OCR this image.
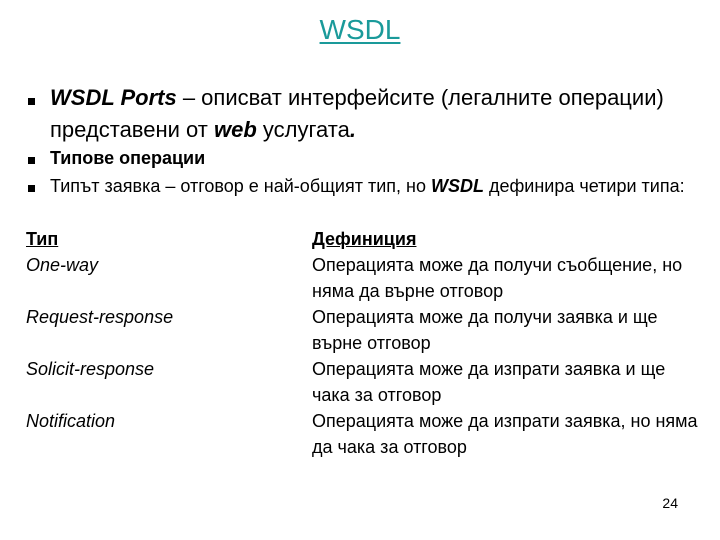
WSDL
WSDL Ports – описват интерфейсите (легалните операции) представени от web услугата.
Типове операции
Типът заявка – отговор е най-общият тип, но WSDL дефинира четири типа:
Тип	Дефиниция
One-way	Операцията може да получи съобщение, но няма да върне отговор
Request-response	Операцията може да получи заявка и ще върне отговор
Solicit-response	Операцията може да изпрати заявка и ще чака за отговор
Notification	Операцията може да изпрати заявка, но няма да чака за отговор
24
